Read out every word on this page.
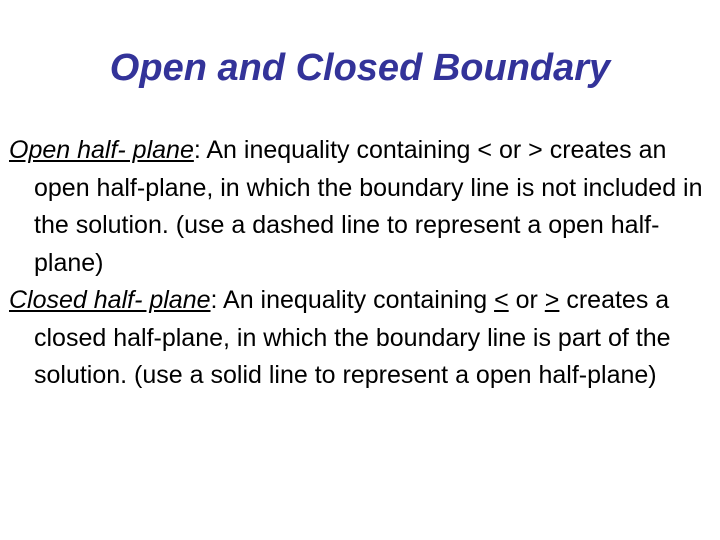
Open and Closed Boundary

Open half- plane: An inequality containing < or > creates an open half-plane, in which the boundary line is not included in the solution. (use a dashed line to represent a open half-plane)

Closed half- plane: An inequality containing < or > creates a closed half-plane, in which the boundary line is part of the solution. (use a solid line to represent a open half-plane)
